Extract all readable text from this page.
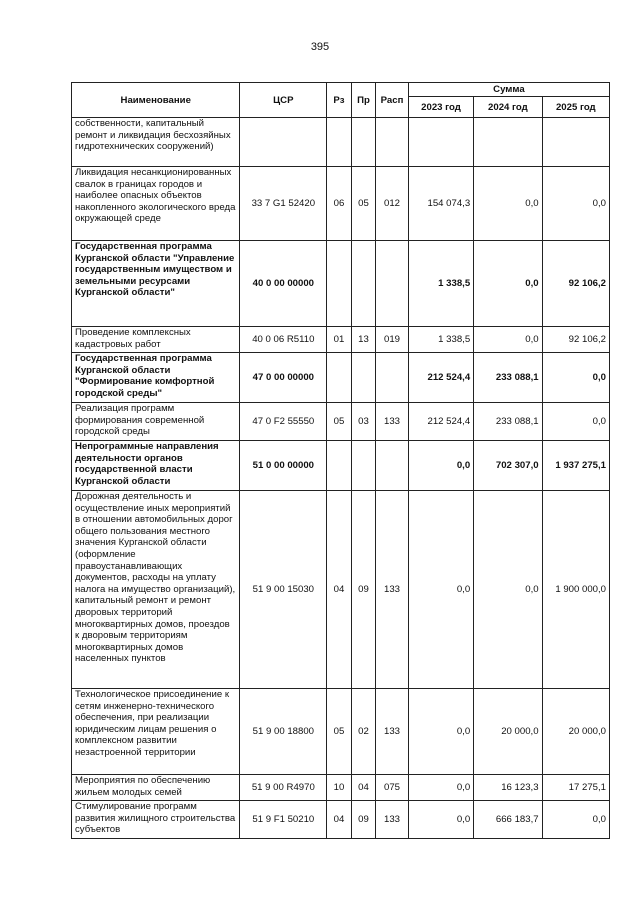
395
Наименование	ЦСР	Рз	Пр	Расп	Сумма		
					2023 год	2024 год	2025 год
собственности, капитальный ремонт и ликвидация бесхозяйных гидротехнических сооружений)							
Ликвидация несанкционированных свалок в границах городов и наиболее опасных объектов накопленного экологического вреда окружающей среде	33 7 G1 52420	06	05	012	154 074,3	0,0	0,0
Государственная программа Курганской области "Управление государственным имуществом и земельными ресурсами Курганской области"	40 0 00 00000				1 338,5	0,0	92 106,2
Проведение комплексных кадастровых работ	40 0 06 R5110	01	13	019	1 338,5	0,0	92 106,2
Государственная программа Курганской области "Формирование комфортной городской среды"	47 0 00 00000				212 524,4	233 088,1	0,0
Реализация программ формирования современной городской среды	47 0 F2 55550	05	03	133	212 524,4	233 088,1	0,0
Непрограммные направления деятельности органов государственной власти Курганской области	51 0 00 00000				0,0	702 307,0	1 937 275,1
Дорожная деятельность и осуществление иных мероприятий в отношении автомобильных дорог общего пользования местного значения Курганской области (оформление правоустанавливающих документов, расходы на уплату налога на имущество организаций), капитальный ремонт и ремонт дворовых территорий многоквартирных домов, проездов к дворовым территориям многоквартирных домов населенных пунктов	51 9 00 15030	04	09	133	0,0	0,0	1 900 000,0
Технологическое присоединение к сетям инженерно-технического обеспечения, при реализации юридическим лицам решения о комплексном развитии незастроенной территории	51 9 00 18800	05	02	133	0,0	20 000,0	20 000,0
Мероприятия по обеспечению жильем молодых семей	51 9 00 R4970	10	04	075	0,0	16 123,3	17 275,1
Стимулирование программ развития жилищного строительства субъектов	51 9 F1 50210	04	09	133	0,0	666 183,7	0,0
